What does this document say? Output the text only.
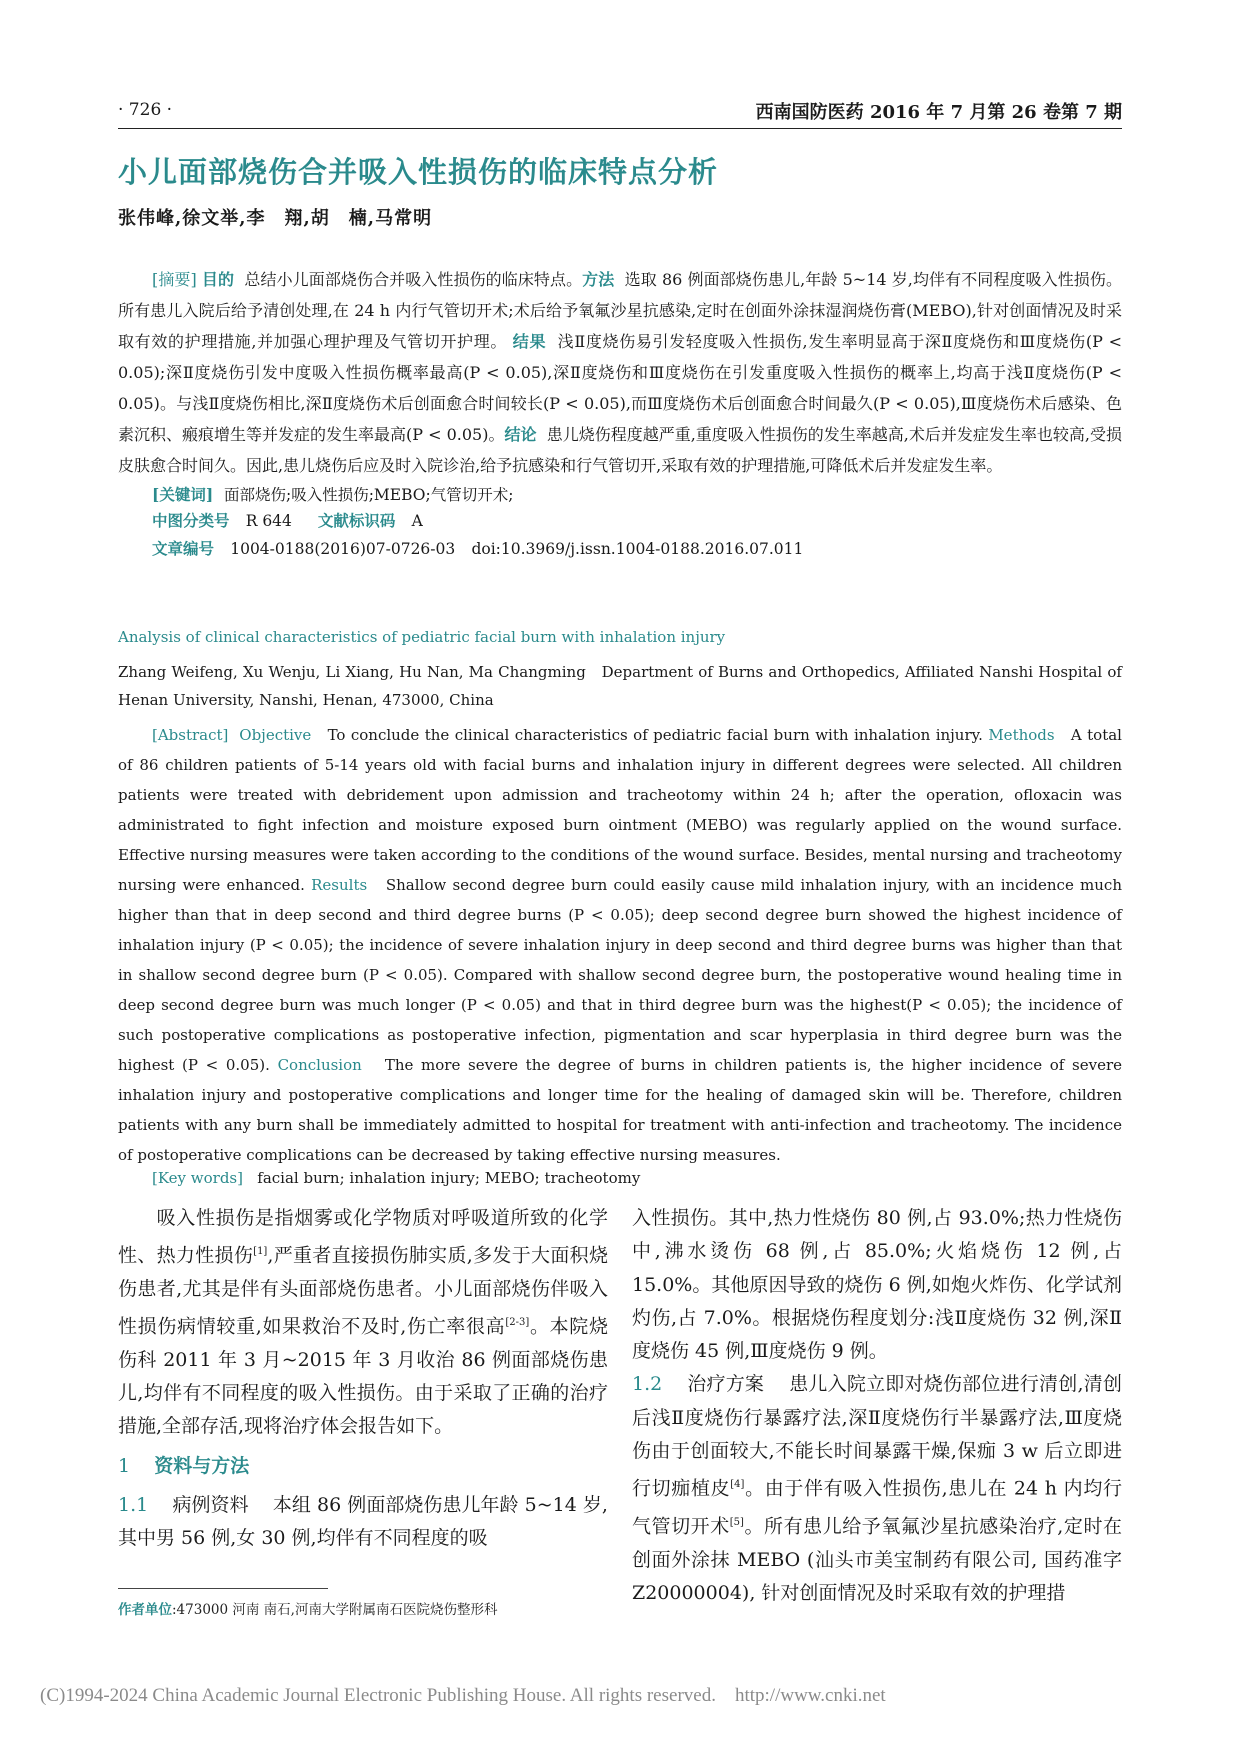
· 726 ·	西南国防医药 2016 年 7 月第 26 卷第 7 期
小儿面部烧伤合并吸入性损伤的临床特点分析
张伟峰,徐文举,李　翔,胡　楠,马常明
[摘要] 目的 总结小儿面部烧伤合并吸入性损伤的临床特点。方法 选取 86 例面部烧伤患儿,年龄 5~14 岁,均伴有不同程度吸入性损伤。所有患儿入院后给予清创处理,在 24 h 内行气管切开术;术后给予氧氟沙星抗感染,定时在创面外涂抹湿润烧伤膏(MEBO),针对创面情况及时采取有效的护理措施,并加强心理护理及气管切开护理。 结果 浅Ⅱ度烧伤易引发轻度吸入性损伤,发生率明显高于深Ⅱ度烧伤和Ⅲ度烧伤(P < 0.05);深Ⅱ度烧伤引发中度吸入性损伤概率最高(P < 0.05),深Ⅱ度烧伤和Ⅲ度烧伤在引发重度吸入性损伤的概率上,均高于浅Ⅱ度烧伤(P < 0.05)。与浅Ⅱ度烧伤相比,深Ⅱ度烧伤术后创面愈合时间较长(P < 0.05),而Ⅲ度烧伤术后创面愈合时间最久(P < 0.05),Ⅲ度烧伤术后感染、色素沉积、瘢痕增生等并发症的发生率最高(P < 0.05)。结论 患儿烧伤程度越严重,重度吸入性损伤的发生率越高,术后并发症发生率也较高,受损皮肤愈合时间久。因此,患儿烧伤后应及时入院诊治,给予抗感染和行气管切开,采取有效的护理措施,可降低术后并发症发生率。
[关键词] 面部烧伤;吸入性损伤;MEBO;气管切开术;
中图分类号 R 644 文献标识码 A
文章编号 1004-0188(2016)07-0726-03 doi:10.3969/j.issn.1004-0188.2016.07.011
Analysis of clinical characteristics of pediatric facial burn with inhalation injury
Zhang Weifeng, Xu Wenju, Li Xiang, Hu Nan, Ma Changming　Department of Burns and Orthopedics, Affiliated Nanshi Hospital of Henan University, Nanshi, Henan, 473000, China
[Abstract] Objective To conclude the clinical characteristics of pediatric facial burn with inhalation injury. Methods A total of 86 children patients of 5-14 years old with facial burns and inhalation injury in different degrees were selected. All children patients were treated with debridement upon admission and tracheotomy within 24 h; after the operation, ofloxacin was administrated to fight infection and moisture exposed burn ointment (MEBO) was regularly applied on the wound surface. Effective nursing measures were taken according to the conditions of the wound surface. Besides, mental nursing and tracheotomy nursing were enhanced. Results Shallow second degree burn could easily cause mild inhalation injury, with an incidence much higher than that in deep second and third degree burns (P < 0.05); deep second degree burn showed the highest incidence of inhalation injury (P < 0.05); the incidence of severe inhalation injury in deep second and third degree burns was higher than that in shallow second degree burn (P < 0.05). Compared with shallow second degree burn, the postoperative wound healing time in deep second degree burn was much longer (P < 0.05) and that in third degree burn was the highest(P < 0.05); the incidence of such postoperative complications as postoperative infection, pigmentation and scar hyperplasia in third degree burn was the highest (P < 0.05). Conclusion The more severe the degree of burns in children patients is, the higher incidence of severe inhalation injury and postoperative complications and longer time for the healing of damaged skin will be. Therefore, children patients with any burn shall be immediately admitted to hospital for treatment with anti-infection and tracheotomy. The incidence of postoperative complications can be decreased by taking effective nursing measures.
[Key words] facial burn; inhalation injury; MEBO; tracheotomy

吸入性损伤是指烟雾或化学物质对呼吸道所致的化学性、热力性损伤[1],严重者直接损伤肺实质,多发于大面积烧伤患者,尤其是伴有头面部烧伤患者。小儿面部烧伤伴吸入性损伤病情较重,如果救治不及时,伤亡率很高[2-3]。本院烧伤科 2011 年 3 月~2015 年 3 月收治 86 例面部烧伤患儿,均伴有不同程度的吸入性损伤。由于采取了正确的治疗措施,全部存活,现将治疗体会报告如下。

1 资料与方法

1.1 病例资料 本组 86 例面部烧伤患儿年龄 5~14 岁,其中男 56 例,女 30 例,均伴有不同程度的吸

入性损伤。其中,热力性烧伤 80 例,占 93.0%;热力性烧伤中,沸水烫伤 68 例,占 85.0%;火焰烧伤 12 例,占 15.0%。其他原因导致的烧伤 6 例,如炮火炸伤、化学试剂灼伤,占 7.0%。根据烧伤程度划分:浅Ⅱ度烧伤 32 例,深Ⅱ度烧伤 45 例,Ⅲ度烧伤 9 例。

1.2 治疗方案 患儿入院立即对烧伤部位进行清创,清创后浅Ⅱ度烧伤行暴露疗法,深Ⅱ度烧伤行半暴露疗法,Ⅲ度烧伤由于创面较大,不能长时间暴露干燥,保痂 3 w 后立即进行切痂植皮[4]。由于伴有吸入性损伤,患儿在 24 h 内均行气管切开术[5]。所有患儿给予氧氟沙星抗感染治疗,定时在创面外涂抹 MEBO (汕头市美宝制药有限公司, 国药准字 Z20000004), 针对创面情况及时采取有效的护理措

作者单位:473000 河南 南石,河南大学附属南石医院烧伤整形科
(C)1994-2024 China Academic Journal Electronic Publishing House. All rights reserved.　http://www.cnki.net
